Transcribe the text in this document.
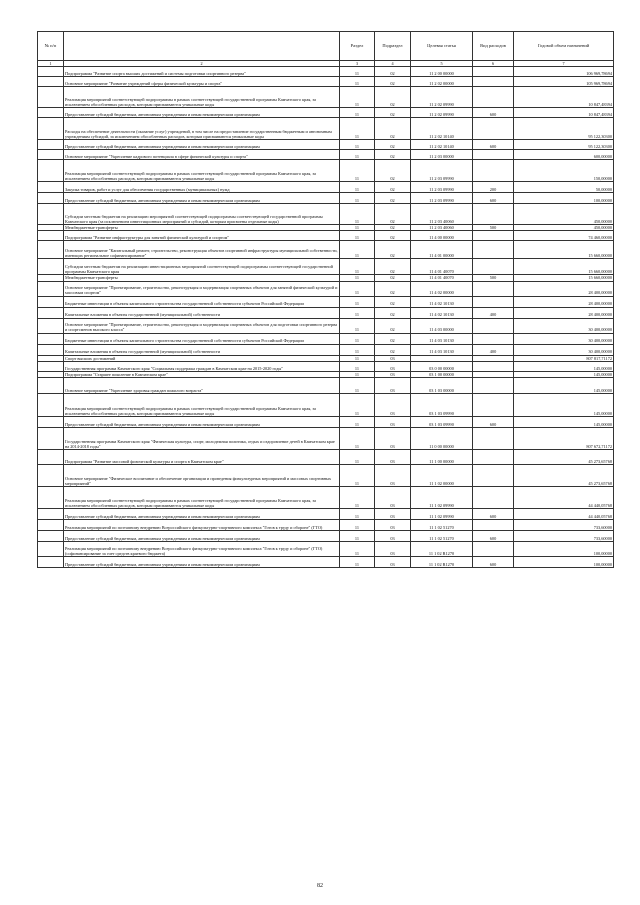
№ п/п		Раздел	Подраздел	Целевая статья	Вид расходов	Годовой объем назначений
1	2	3	4	5	6	7
	Подпрограмма "Развитие спорта высших достижений и системы подготовки спортивного резерва"	11	02	11 2 00 00000		106 969,78694
	Основное мероприятие "Развитие учреждений сферы физической культуры и спорта"	11	02	11 2 02 00000		105 969,78694
	Реализация мероприятий соответствующей подпрограммы в рамках соответствующей государственной программы Камчатского края, за исключением обособленных расходов, которым присваиваются уникальные коды	11	02	11 2 02 09990		10 847,48394
	Предоставление субсидий бюджетным, автономным учреждениям и иным некоммерческим организациям	11	02	11 2 02 09990	600	10 847,48394
	Расходы на обеспечение деятельности (оказание услуг) учреждений, в том числе на предоставление государственным бюджетным и автономным учреждениям субсидий, за исключением обособленных расходов, которым присваиваются уникальные коды	11	02	11 2 02 10140		95 122,30300
	Предоставление субсидий бюджетным, автономным учреждениям и иным некоммерческим организациям	11	02	11 2 02 10140	600	95 122,30300
	Основное мероприятие "Укрепление кадрового потенциала в сфере физической культуры и спорта"	11	02	11 2 03 00000		600,00000
	Реализация мероприятий соответствующей подпрограммы в рамках соответствующей государственной программы Камчатского края, за исключением обособленных расходов, которым присваиваются уникальные коды	11	02	11 2 03 09990		150,00000
	Закупка товаров, работ и услуг для обеспечения государственных (муниципальных) нужд	11	02	11 2 03 09990	200	50,00000
	Предоставление субсидий бюджетным, автономным учреждениям и иным некоммерческим организациям	11	02	11 2 03 09990	600	100,00000
	Субсидии местным бюджетам на реализацию мероприятий соответствующей подпрограммы соответствующей государственной программы Камчатского края (за исключением инвестиционных мероприятий и субсидий, которым присвоены отдельные коды)	11	02	11 2 03 40060		450,00000
	Межбюджетные трансферты	11	02	11 2 03 40060	500	450,00000
	Подпрограмма "Развитие инфраструктуры для занятий физической культурой и спортом"	11	02	11 4 00 00000		74 460,00000
	Основное мероприятие "Капитальный ремонт, строительство, реконструкция объектов спортивной инфраструктуры муниципальной собственности, имеющих региональное софинансирование"	11	02	11 4 01 00000		15 660,00000
	Субсидии местным бюджетам на реализацию инвестиционных мероприятий соответствующей подпрограммы соответствующей государственной программы Камчатского края	11	02	11 4 01 40070		15 660,00000
	Межбюджетные трансферты	11	02	11 4 01 40070	500	15 660,00000
	Основное мероприятие "Проектирование, строительство, реконструкция и модернизация спортивных объектов для занятий физической культурой и массовым спортом"	11	02	11 4 02 00000		28 400,00000
	Бюджетные инвестиции в объекты капитального строительства государственной собственности субъектов Российской Федерации	11	02	11 4 02 10130		28 400,00000
	Капитальные вложения в объекты государственной (муниципальной) собственности	11	02	11 4 02 10130	400	28 400,00000
	Основное мероприятие "Проектирование, строительство, реконструкция и модернизация спортивных объектов для подготовки спортивного резерва и спортсменов высокого класса"	11	02	11 4 03 00000		30 400,00000
	Бюджетные инвестиции в объекты капитального строительства государственной собственности субъектов Российской Федерации	11	02	11 4 03 10130		30 400,00000
	Капитальные вложения в объекты государственной (муниципальной) собственности	11	02	11 4 03 10130	400	30 400,00000
	Спорт высших достижений	11	03			807 817,71172
	Государственная программа Камчатского края "Социальная поддержка граждан в Камчатском крае на 2015-2020 годы"	11	03	03 0 00 00000		145,00000
	Подпрограмма "Старшее поколение в Камчатском крае"	11	03	03 1 00 00000		145,00000
	Основное мероприятие "Укрепление здоровья граждан пожилого возраста"	11	03	03 1 03 00000		145,00000
	Реализация мероприятий соответствующей подпрограммы в рамках соответствующей государственной программы Камчатского края, за исключением обособленных расходов, которым присваиваются уникальные коды	11	03	03 1 03 09990		145,00000
	Предоставление субсидий бюджетным, автономным учреждениям и иным некоммерческим организациям	11	03	03 1 03 09990	600	145,00000
	Государственная программа Камчатского края "Физическая культура, спорт, молодежная политика, отдых и оздоровление детей в Камчатском крае на 2014-2018 годы"	11	03	11 0 00 00000		807 672,71172
	Подпрограмма "Развитие массовой физической культуры и спорта в Камчатском крае"	11	03	11 1 00 00000		45 273,65768
	Основное мероприятие "Физическое воспитание и обеспечение организации и проведения физкультурных мероприятий и массовых спортивных мероприятий"	11	03	11 1 02 00000		45 273,65768
	Реализация мероприятий соответствующей подпрограммы в рамках соответствующей государственной программы Камчатского края, за исключением обособленных расходов, которым присваиваются уникальные коды	11	03	11 1 02 09990		44 440,05768
	Предоставление субсидий бюджетным, автономным учреждениям и иным некоммерческим организациям	11	03	11 1 02 09990	600	44 440,05768
	Реализация мероприятий по поэтапному внедрению Всероссийского физкультурно-спортивного комплекса "Готов к труду и обороне" (ГТО)	11	03	11 1 02 51270		733,60000
	Предоставление субсидий бюджетным, автономным учреждениям и иным некоммерческим организациям	11	03	11 1 02 51270	600	733,60000
	Реализация мероприятий по поэтапному внедрению Всероссийского физкультурно-спортивного комплекса "Готов к труду и обороне" (ГТО) (софинансирование за счет средств краевого бюджета)	11	03	11 1 02 R1270		100,00000
	Предоставление субсидий бюджетным, автономным учреждениям и иным некоммерческим организациям	11	03	11 1 02 R1270	600	100,00000
82
